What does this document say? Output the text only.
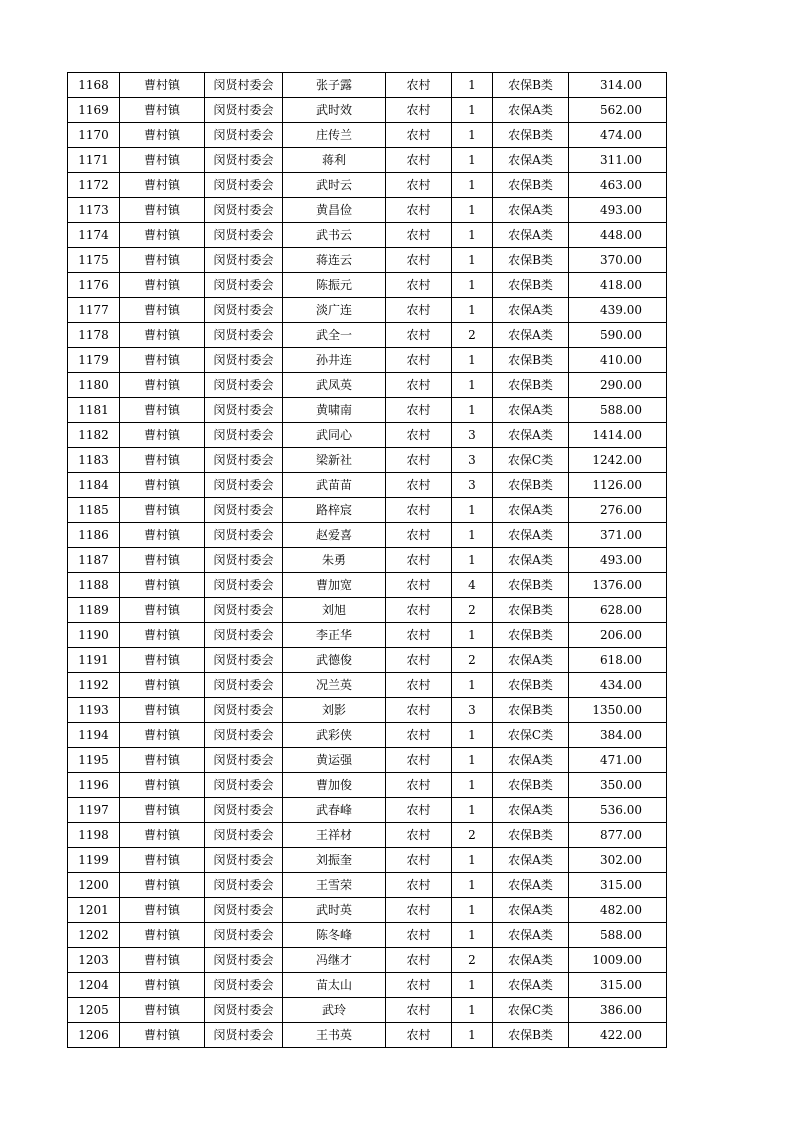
1168	曹村镇	闵贤村委会	张子露	农村	1	农保B类	314.00
1169	曹村镇	闵贤村委会	武时效	农村	1	农保A类	562.00
1170	曹村镇	闵贤村委会	庄传兰	农村	1	农保B类	474.00
1171	曹村镇	闵贤村委会	蒋利	农村	1	农保A类	311.00
1172	曹村镇	闵贤村委会	武时云	农村	1	农保B类	463.00
1173	曹村镇	闵贤村委会	黄昌俭	农村	1	农保A类	493.00
1174	曹村镇	闵贤村委会	武书云	农村	1	农保A类	448.00
1175	曹村镇	闵贤村委会	蒋连云	农村	1	农保B类	370.00
1176	曹村镇	闵贤村委会	陈振元	农村	1	农保B类	418.00
1177	曹村镇	闵贤村委会	淡广连	农村	1	农保A类	439.00
1178	曹村镇	闵贤村委会	武全一	农村	2	农保A类	590.00
1179	曹村镇	闵贤村委会	孙井连	农村	1	农保B类	410.00
1180	曹村镇	闵贤村委会	武凤英	农村	1	农保B类	290.00
1181	曹村镇	闵贤村委会	黄啸南	农村	1	农保A类	588.00
1182	曹村镇	闵贤村委会	武同心	农村	3	农保A类	1414.00
1183	曹村镇	闵贤村委会	梁新社	农村	3	农保C类	1242.00
1184	曹村镇	闵贤村委会	武苗苗	农村	3	农保B类	1126.00
1185	曹村镇	闵贤村委会	路梓宸	农村	1	农保A类	276.00
1186	曹村镇	闵贤村委会	赵爱喜	农村	1	农保A类	371.00
1187	曹村镇	闵贤村委会	朱勇	农村	1	农保A类	493.00
1188	曹村镇	闵贤村委会	曹加宽	农村	4	农保B类	1376.00
1189	曹村镇	闵贤村委会	刘旭	农村	2	农保B类	628.00
1190	曹村镇	闵贤村委会	李正华	农村	1	农保B类	206.00
1191	曹村镇	闵贤村委会	武德俊	农村	2	农保A类	618.00
1192	曹村镇	闵贤村委会	况兰英	农村	1	农保B类	434.00
1193	曹村镇	闵贤村委会	刘影	农村	3	农保B类	1350.00
1194	曹村镇	闵贤村委会	武彩侠	农村	1	农保C类	384.00
1195	曹村镇	闵贤村委会	黄运强	农村	1	农保A类	471.00
1196	曹村镇	闵贤村委会	曹加俊	农村	1	农保B类	350.00
1197	曹村镇	闵贤村委会	武春峰	农村	1	农保A类	536.00
1198	曹村镇	闵贤村委会	王祥材	农村	2	农保B类	877.00
1199	曹村镇	闵贤村委会	刘振奎	农村	1	农保A类	302.00
1200	曹村镇	闵贤村委会	王雪荣	农村	1	农保A类	315.00
1201	曹村镇	闵贤村委会	武时英	农村	1	农保A类	482.00
1202	曹村镇	闵贤村委会	陈冬峰	农村	1	农保A类	588.00
1203	曹村镇	闵贤村委会	冯继才	农村	2	农保A类	1009.00
1204	曹村镇	闵贤村委会	苗太山	农村	1	农保A类	315.00
1205	曹村镇	闵贤村委会	武玲	农村	1	农保C类	386.00
1206	曹村镇	闵贤村委会	王书英	农村	1	农保B类	422.00
